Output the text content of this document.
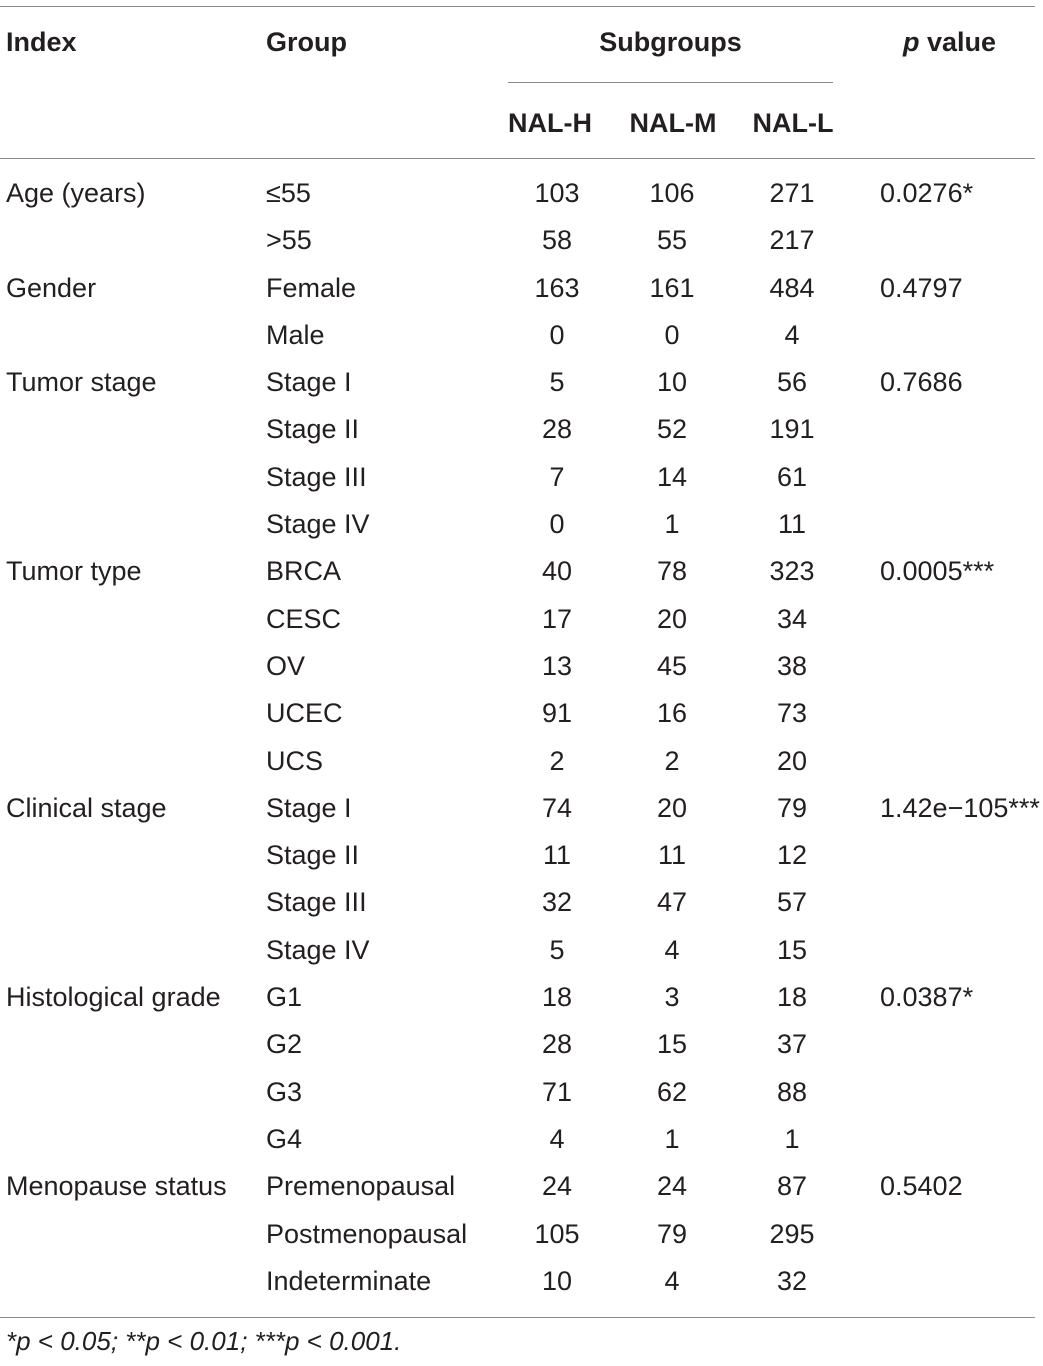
Index	Group	Subgroups	p value
NAL-H	NAL-M	NAL-L
Age (years)	≤55	103	106	271	0.0276*
	>55	58	55	217	
Gender	Female	163	161	484	0.4797
	Male	0	0	4	
Tumor stage	Stage I	5	10	56	0.7686
	Stage II	28	52	191	
	Stage III	7	14	61	
	Stage IV	0	1	11	
Tumor type	BRCA	40	78	323	0.0005***
	CESC	17	20	34	
	OV	13	45	38	
	UCEC	91	16	73	
	UCS	2	2	20	
Clinical stage	Stage I	74	20	79	1.42e−105***
	Stage II	11	11	12	
	Stage III	32	47	57	
	Stage IV	5	4	15	
Histological grade	G1	18	3	18	0.0387*
	G2	28	15	37	
	G3	71	62	88	
	G4	4	1	1	
Menopause status	Premenopausal	24	24	87	0.5402
	Postmenopausal	105	79	295	
	Indeterminate	10	4	32	
*p < 0.05; **p < 0.01; ***p < 0.001.
